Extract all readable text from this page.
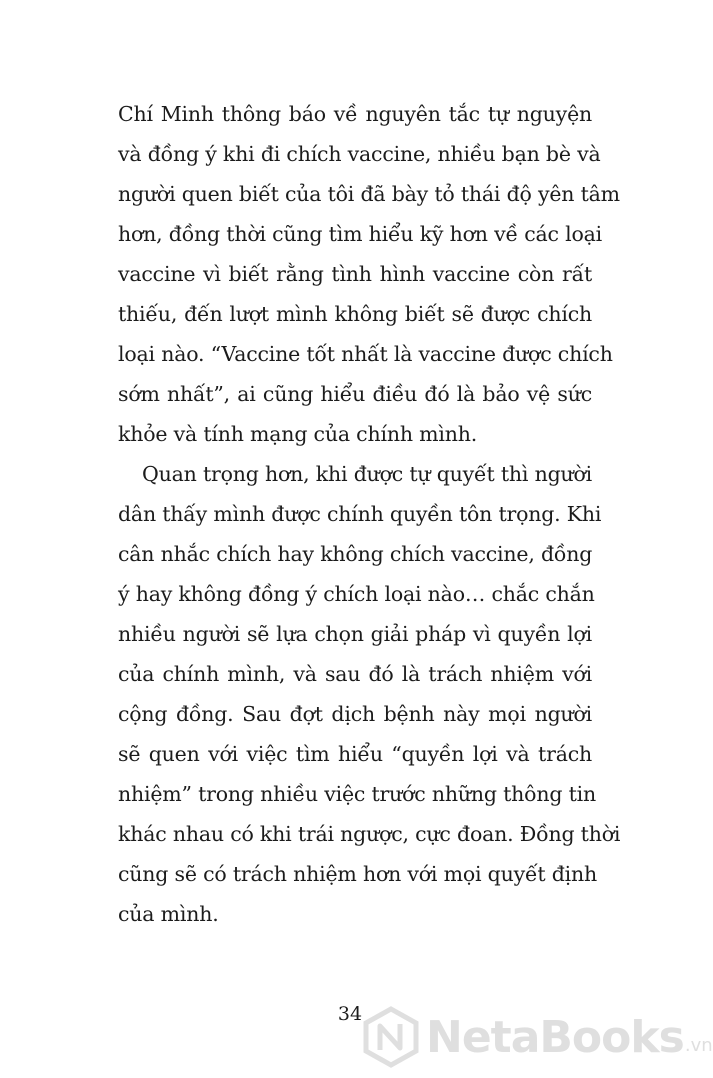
Chí Minh thông báo về nguyên tắc tự nguyện
và đồng ý khi đi chích vaccine, nhiều bạn bè và
người quen biết của tôi đã bày tỏ thái độ yên tâm
hơn, đồng thời cũng tìm hiểu kỹ hơn về các loại
vaccine vì biết rằng tình hình vaccine còn rất
thiếu, đến lượt mình không biết sẽ được chích
loại nào. “Vaccine tốt nhất là vaccine được chích
sớm nhất”, ai cũng hiểu điều đó là bảo vệ sức
khỏe và tính mạng của chính mình.
Quan trọng hơn, khi được tự quyết thì người
dân thấy mình được chính quyền tôn trọng. Khi
cân nhắc chích hay không chích vaccine, đồng
ý hay không đồng ý chích loại nào… chắc chắn
nhiều người sẽ lựa chọn giải pháp vì quyền lợi
của chính mình, và sau đó là trách nhiệm với
cộng đồng. Sau đợt dịch bệnh này mọi người
sẽ quen với việc tìm hiểu “quyền lợi và trách
nhiệm” trong nhiều việc trước những thông tin
khác nhau có khi trái ngược, cực đoan. Đồng thời
cũng sẽ có trách nhiệm hơn với mọi quyết định
của mình.
34	NetaBooks .vn
